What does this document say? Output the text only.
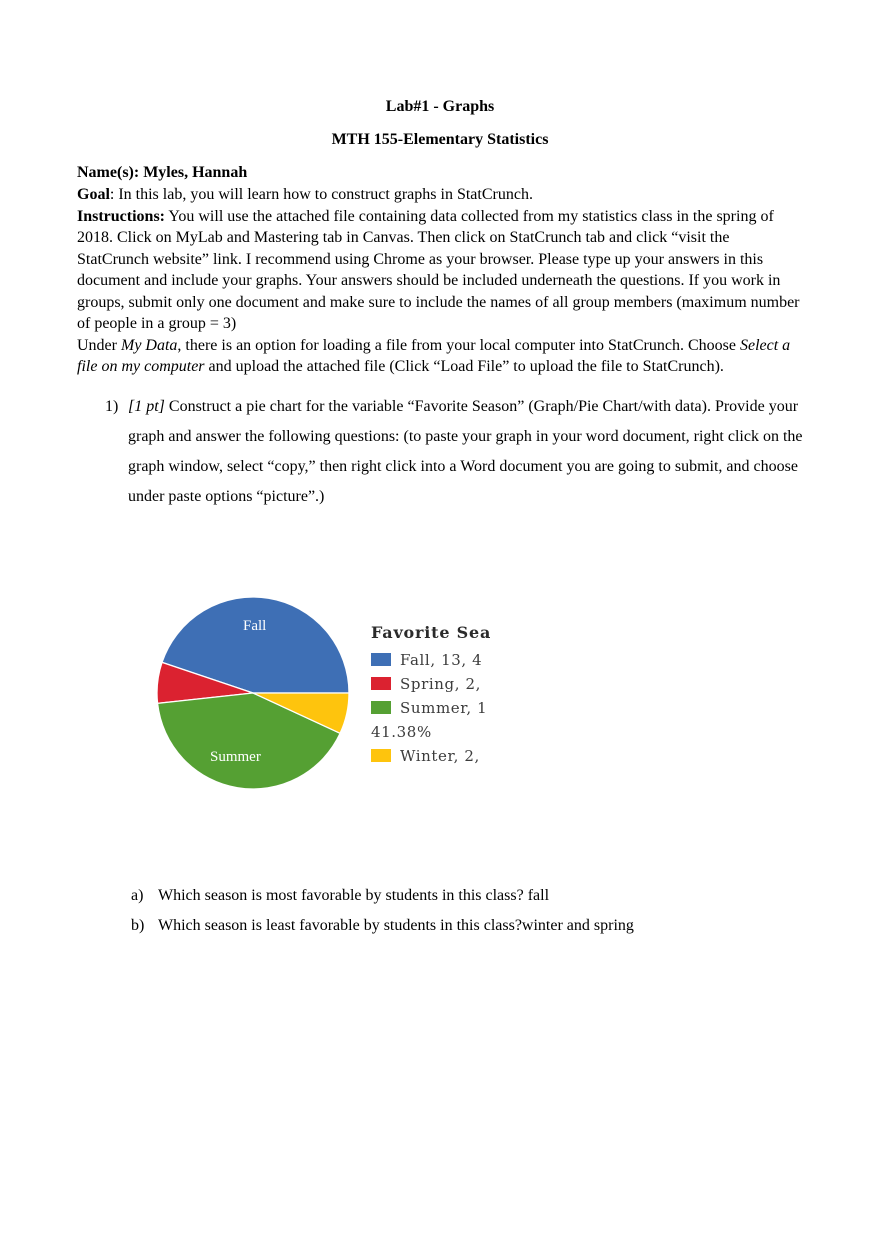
Lab#1 - Graphs
MTH 155-Elementary Statistics
Name(s): Myles, Hannah

Goal: In this lab, you will learn how to construct graphs in StatCrunch.

Instructions: You will use the attached file containing data collected from my statistics class in the spring of 2018. Click on MyLab and Mastering tab in Canvas. Then click on StatCrunch tab and click “visit the StatCrunch website” link. I recommend using Chrome as your browser. Please type up your answers in this document and include your graphs. Your answers should be included underneath the questions. If you work in groups, submit only one document and make sure to include the names of all group members (maximum number of people in a group = 3)

Under My Data, there is an option for loading a file from your local computer into StatCrunch. Choose Select a file on my computer and upload the attached file (Click “Load File” to upload the file to StatCrunch).

1) [1 pt] Construct a pie chart for the variable “Favorite Season” (Graph/Pie Chart/with data). Provide your graph and answer the following questions: (to paste your graph in your word document, right click on the graph window, select “copy,” then right click into a Word document you are going to submit, and choose under paste options “picture”.)
Fall
Summer
Favorite Sea
Fall, 13, 4
Spring, 2,
Summer, 1
41.38%
Winter, 2,
a) Which season is most favorable by students in this class? fall
b) Which season is least favorable by students in this class?winter and spring
